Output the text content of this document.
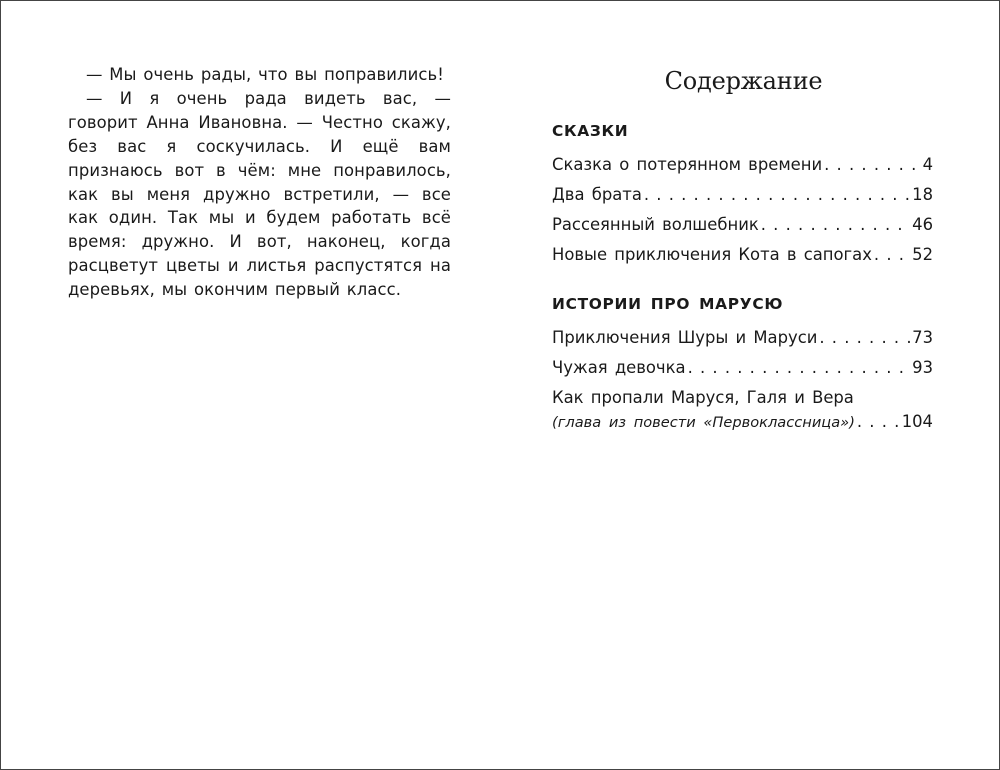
— Мы очень рады, что вы поправились!
— И я очень рада видеть вас, — говорит Анна Ивановна. — Честно скажу, без вас я соскучилась. И ещё вам признаюсь вот в чём: мне понравилось, как вы меня дружно встретили, — все как один. Так мы и будем работать всё время: дружно. И вот, наконец, когда расцветут цветы и листья распустятся на деревьях, мы окончим первый класс.

Содержание
СКАЗКИ
Сказка о потерянном времени . . .	4
Два брата . . .	18
Рассеянный волшебник . . .	46
Новые приключения Кота в сапогах . . . 52
ИСТОРИИ ПРО МАРУСЮ
Приключения Шуры и Маруси . . .	73
Чужая девочка . . .	93
Как пропали Маруся, Галя и Вера
(глава из повести «Первоклассница») . . .	104
